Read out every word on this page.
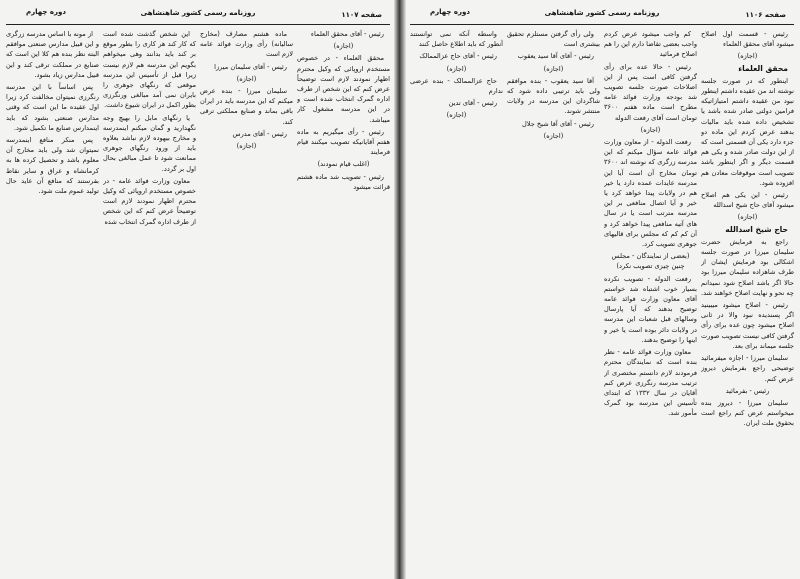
صفحه ۱۱۰۷
روزنامه رسمی کشور شاهنشاهی
دوره چهارم

رئیس - آقای محقق العلماء

(اجازه)

محقق العلماء - در خصوص مستخدم اروپائی که وکیل محترم اظهار نمودند لازم است توضیحاً عرض کنم که این شخص از طرف اداره گمرک انتخاب شده است و در این مدرسه مشغول کار میباشد.

رئیس - رأی میگیریم به ماده هفتم آقایانیکه تصویب میکنند قیام فرمایند

(اغلب قیام نمودند)

رئیس - تصویب شد ماده هشتم قرائت میشود

ماده هشتم مصارف (مخارج سالیانه) رأی وزارت فوائد عامه لازم است

رئیس - آقای سلیمان میرزا

(اجازه)

سلیمان میرزا - بنده عرض میکنم که این مدرسه باید در ایران باقی بماند و صنایع مملکتی ترقی کند.

رئیس - آقای مدرس

(اجازه)

این شخص گذشت شده است که کار کند هر کاری را بطور موقع بر کند باید بدانند وهی میخواهم بگویم این مدرسه هم لازم نیست زیرا قبل از تأسیس این مدرسه موقعی که رنگهای جوهری را بایران نمی آمد مبالغی ورنگرزی بطور اکمل در ایران شیوع داشت.

یا رنگهای مابل را بهیچ وجه نگهدارید و گمان میکنم اینمدرسه و مخارج بیهوده لازم نباشد بعلاوه باید از ورود رنگهای جوهری ممانعت شود تا عمل مبالغی بحال اول بر گردد.

معاون وزارت فوائد عامه - در خصوص مستخدم اروپائی که وکیل محترم اظهار نمودند لازم است توضیحاً عرض کنم که این شخص از طرف اداره گمرک انتخاب شده

از مونه با اساس مدرسه زرگری و این قبیل مدارس صنعتی موافقم البته نظر بنده هم کلا این است که صنایع در مملکت ترقی کند و این قبیل مدارس زیاد بشود.

پس اساساً با این مدرسه رنگرزی نمیتوان مخالفت کرد زیرا اول عقیده ما این است که وقتی مدارس صنعتی بشود که باید اینمدارس صنایع ما تکمیل شود.

پس منکر منافع اینمدرسه نمیتوان شد ولی باید مخارج آن معلوم باشد و تحصیل کرده ها به کرمانشاه و عراق و سایر نقاط بفرستند که منافع آن عاید حال تولید عموم ملت شود.

صفحه ۱۱۰۶
روزنامه رسمی کشور شاهنشاهی
دوره چهارم

رئیس - قسمت اول اصلاح میشود آقای محقق العلماء

(اجازه)

محقق العلماء

اینطور که در صورت جلسه نوشته اند من عقیده داشتم اینطور نبود من عقیده داشتم امتیازاتیکه فرامین دولتی صادر شده باشد یا تشخیص داده شده باید مالیات بدهند عرض کردم این ماده دو جزء دارد یکی آن قسمتی است که از این دولت صادر شده و یکی هم قسمت دیگر و اگر اینطور باشد تصویب است موقوفات معادن هم افزوده شود.

رئیس - این یکی هم اصلاح میشود آقای حاج شیخ اسدالله

(اجازه)

حاج شیخ اسدالله

راجع به فرمایش حضرت سلیمان میرزا در صورت جلسه اشکالی بود فرمایش ایشان از طرف شاهزاده سلیمان میرزا بود حالا اگر باشد اصلاح شود نمیدانم چه نحو و نهایت اصلاح خواهند شد.

رئیس - اصلاح میشود میبینید اگر پسندیده نبود والا در ثانی اصلاح میشود چون عده برای رأی گرفتن کافی نیست تصویب صورت جلسه میماند برای بعد.

سلیمان میرزا - اجازه میفرمائید توضیحی راجع بفرمایش دیروز عرض کنم.

رئیس - بفرمائید

سلیمان میرزا - دیروز بنده میخواستم عرض کنم راجع است بحقوق ملت ایران.

کم واجب میشود عرض کردم واجب بعضی تقاضا دارم این را هم اصلاح فرمائید

رئیس - حالا عده برای رأی گرفتن کافی است پس از این اصلاحات صورت جلسه تصویب شد بودجه وزارت فوائد عامه مطرح است ماده هفتم ۳۶۰۰ تومان است آقای رفعت الدوله

(اجازه)

رفعت الدوله - از معاون وزارت فوائد عامه سؤال میکنم که این مدرسه زرگری که نوشته اند ۳۶۰۰ تومان مخارج آن است آیا این مدرسه عایدات عمده دارد یا خیر هم در ولایات پیدا خواهد کرد یا خیر و آیا اتصال منافعی بر این مدرسه مترتب است یا در سال های آتیه منافعی پیدا خواهد کرد و آن کم کم که مجلس برای قالیهای جوهری تصویب کرد.

(بعضی از نمایندگان - مجلس چنین چیزی تصویب نکرد)

رفعت الدوله - تصویب نکرده بسیار خوب اشتباه شد خواستم آقای معاون وزارت فوائد عامه توضیح بدهند که آیا پارسال وسالهای قبل شعبات این مدرسه در ولایات دائر بوده است یا خیر و اینها را توضیح بدهند.

معاون وزارت فوائد عامه - نظر بنده است که نمایندگان محترم فرمودند لازم دانستم مختصری از ترتیب مدرسه رنگرزی عرض کنم آقایان در سال ۱۳۳۲ که ابتدای تأسیس این مدرسه بود گمرک مأمور شد.

ولی رأی گرفتن مستلزم تحقیق بیشتری است

رئیس - آقای آقا سید یعقوب

(اجازه)

آقا سید یعقوب - بنده موافقم ولی باید ترتیبی داده شود که شاگردان این مدرسه در ولایات منتشر شوند.

رئیس - آقای آقا شیخ جلال

(اجازه)

واسطه آنکه نمی توانستند آنطور که باید اطلاع حاصل کنند

رئیس - آقای حاج عزالممالک

(اجازه)

حاج عزالممالک - بنده عرضی ندارم

رئیس - آقای تدین

(اجازه)
